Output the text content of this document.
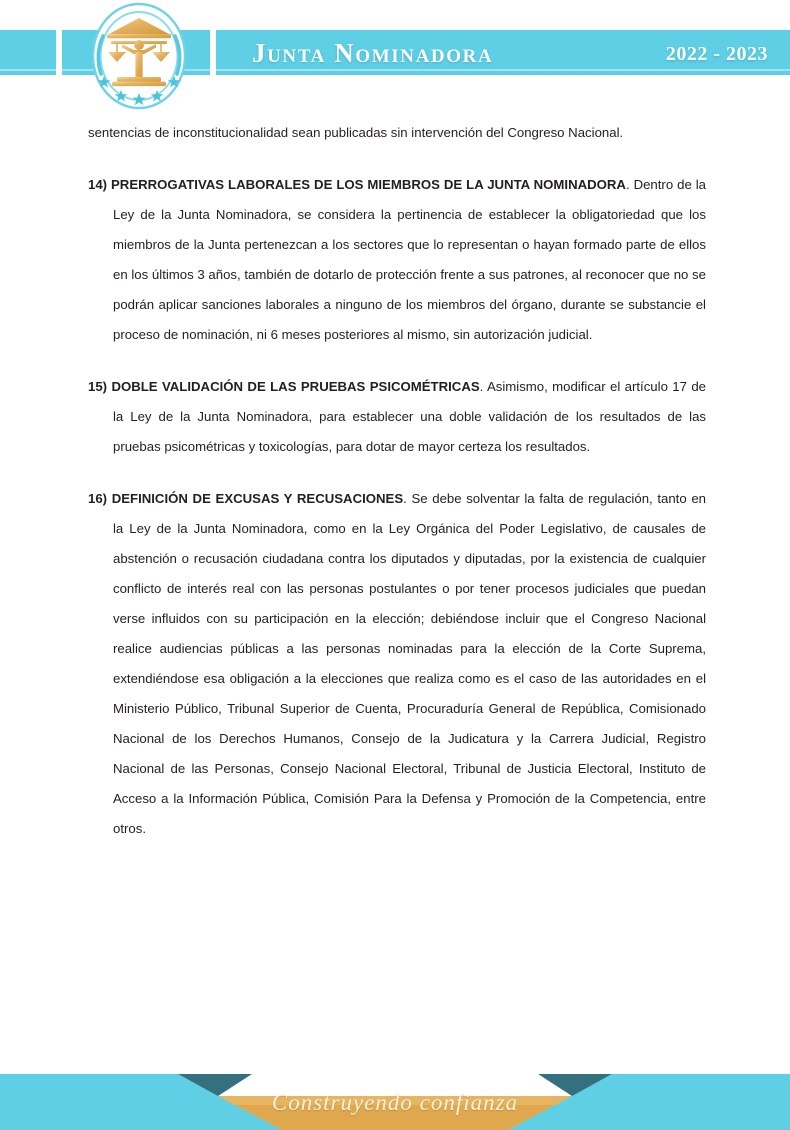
Junta Nominadora	2022 - 2023

sentencias de inconstitucionalidad sean publicadas sin intervención del Congreso Nacional.

14) PRERROGATIVAS LABORALES DE LOS MIEMBROS DE LA JUNTA NOMINADORA. Dentro de la Ley de la Junta Nominadora, se considera la pertinencia de establecer la obligatoriedad que los miembros de la Junta pertenezcan a los sectores que lo representan o hayan formado parte de ellos en los últimos 3 años, también de dotarlo de protección frente a sus patrones, al reconocer que no se podrán aplicar sanciones laborales a ninguno de los miembros del órgano, durante se substancie el proceso de nominación, ni 6 meses posteriores al mismo, sin autorización judicial.

15) DOBLE VALIDACIÓN DE LAS PRUEBAS PSICOMÉTRICAS. Asimismo, modificar el artículo 17 de la Ley de la Junta Nominadora, para establecer una doble validación de los resultados de las pruebas psicométricas y toxicologías, para dotar de mayor certeza los resultados.

16) DEFINICIÓN DE EXCUSAS Y RECUSACIONES. Se debe solventar la falta de regulación, tanto en la Ley de la Junta Nominadora, como en la Ley Orgánica del Poder Legislativo, de causales de abstención o recusación ciudadana contra los diputados y diputadas, por la existencia de cualquier conflicto de interés real con las personas postulantes o por tener procesos judiciales que puedan verse influidos con su participación en la elección; debiéndose incluir que el Congreso Nacional realice audiencias públicas a las personas nominadas para la elección de la Corte Suprema, extendiéndose esa obligación a la elecciones que realiza como es el caso de las autoridades en el Ministerio Público, Tribunal Superior de Cuenta, Procuraduría General de República, Comisionado Nacional de los Derechos Humanos, Consejo de la Judicatura y la Carrera Judicial, Registro Nacional de las Personas, Consejo Nacional Electoral, Tribunal de Justicia Electoral, Instituto de Acceso a la Información Pública, Comisión Para la Defensa y Promoción de la Competencia, entre otros.

Construyendo confianza
